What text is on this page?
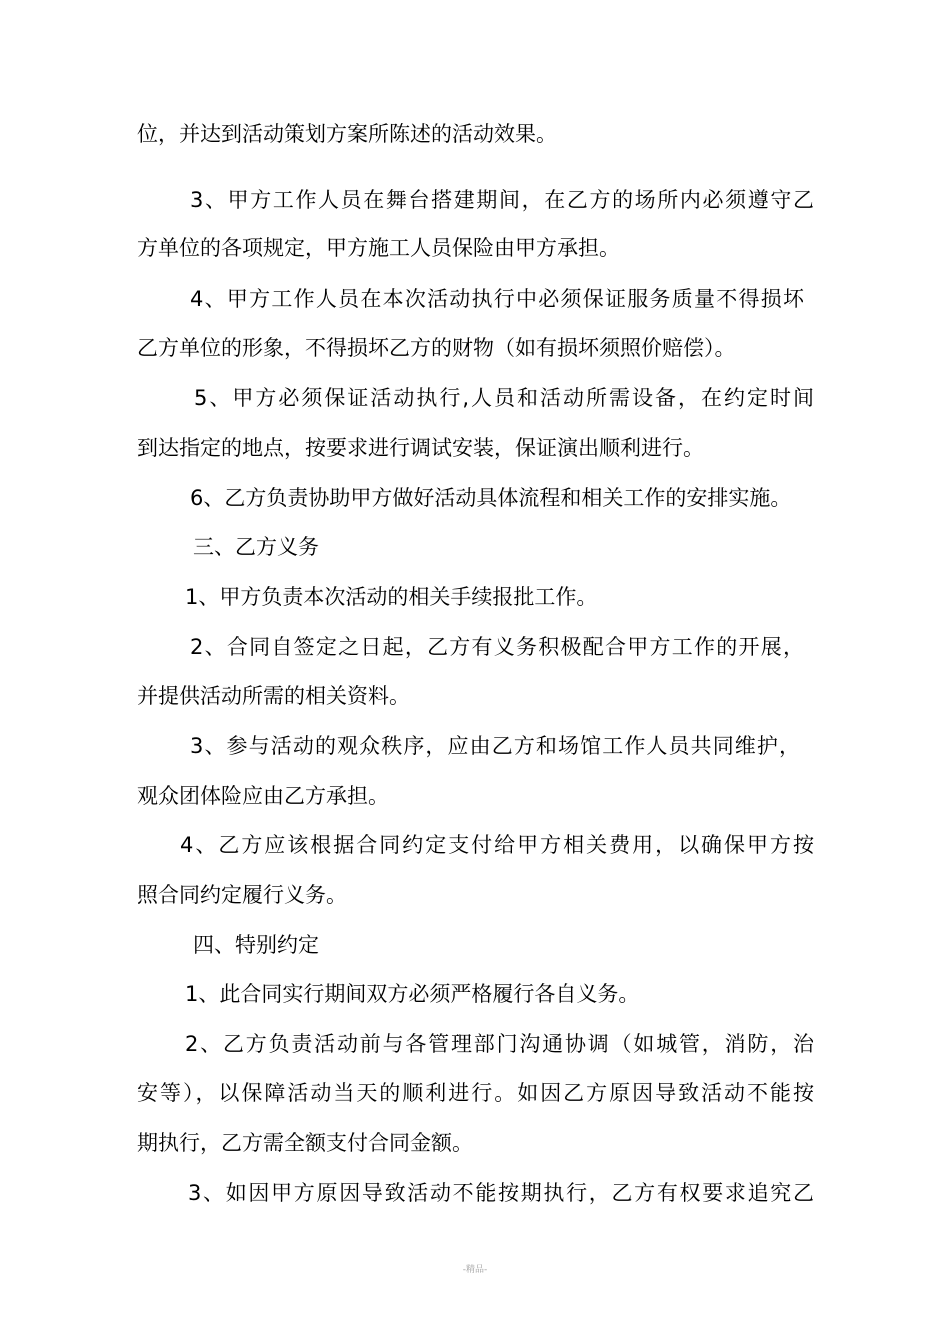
位，并达到活动策划方案所陈述的活动效果。
3、甲方工作人员在舞台搭建期间，在乙方的场所内必须遵守乙
方单位的各项规定，甲方施工人员保险由甲方承担。
4、甲方工作人员在本次活动执行中必须保证服务质量不得损坏
乙方单位的形象，不得损坏乙方的财物（如有损坏须照价赔偿）。
5、甲方必须保证活动执行,人员和活动所需设备，在约定时间
到达指定的地点，按要求进行调试安装，保证演出顺利进行。
6、乙方负责协助甲方做好活动具体流程和相关工作的安排实施。
三、乙方义务
1、甲方负责本次活动的相关手续报批工作。
2、合同自签定之日起，乙方有义务积极配合甲方工作的开展，
并提供活动所需的相关资料。
3、参与活动的观众秩序，应由乙方和场馆工作人员共同维护，
观众团体险应由乙方承担。
4、乙方应该根据合同约定支付给甲方相关费用，以确保甲方按
照合同约定履行义务。
四、特别约定
1、此合同实行期间双方必须严格履行各自义务。
2、乙方负责活动前与各管理部门沟通协调（如城管，消防，治
安等），以保障活动当天的顺利进行。如因乙方原因导致活动不能按
期执行，乙方需全额支付合同金额。
3、如因甲方原因导致活动不能按期执行，乙方有权要求追究乙
-精品-
